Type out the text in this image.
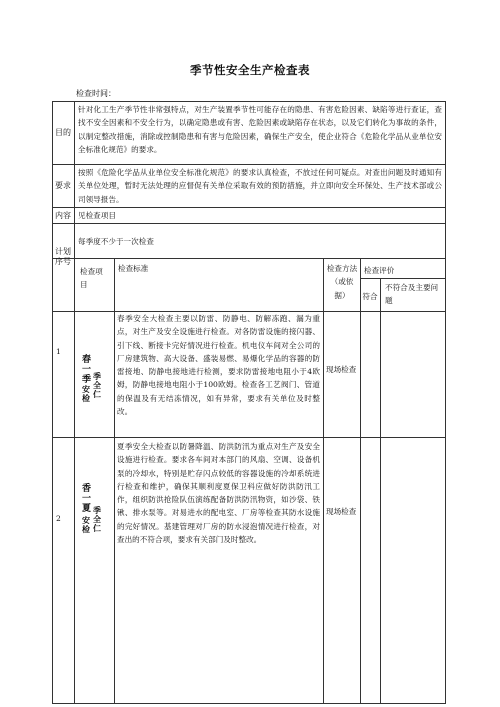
季节性安全生产检查表
检查时间：
目的
针对化工生产季节性非常强特点，对生产装置季节性可能存在的隐患、有害危险因素、缺陷等进行查证，查找不安全因素和不安全行为，以确定隐患或有害、危险因素或缺陷存在状态，以及它们转化为事故的条件，以制定整改措施，消除或控制隐患和有害与危险因素，确保生产安全，使企业符合《危险化学品从业单位安全标准化规范》的要求。
要求
按照《危险化学品从业单位安全标准化规范》的要求认真检查，不放过任何可疑点。对查出问题及时通知有关单位处理，暂时无法处理的应督促有关单位采取有效的预防措施，并立即向安全环保处、生产技术部或公司领导报告。
内容 见检查项目
计划
每季度不少于一次检查
序号
检查项目
检查标准	检查方法（或依据）
检查评价
符合
不符合及主要问题
1
春一季 季全仁
安检
春季安全大检查主要以防雷、防静电、防解冻跑、漏为重点，对生产及安全设施进行检查。对各防雷设施的接闪器、引下线、断接卡完好情况进行检查。机电仪车间对全公司的厂房建筑物、高大设备、盛装易燃、易爆化学品的容器的防雷接地、防静电接地进行检测，要求防雷接地电阻小于4欧姆，防静电接地电阻小于100欧姆。检查各工艺阀门、管道的保温及有无结冻情况，如有异常，要求有关单位及时整改。
现场检查
2
香一夏 季全仁
安检
夏季安全大检查以防暑降温、防洪防汛为重点对生产及安全设施进行检查。要求各车间对本部门的风扇、空调、设备机泵的冷却水，特别是贮存闪点较低的容器设施的冷却系统进行检查和维护，确保其顺利度夏保卫科应做好防洪防汛工作，组织防洪抢险队伍演练配备防洪防汛物资，如沙袋、铁锹、排水泵等。对易进水的配电室、厂房等检查其防水设施的完好情况。基建管理对厂房的防水浸泡情况进行检查，对查出的不符合项，要求有关部门及时整改。
现场检查
